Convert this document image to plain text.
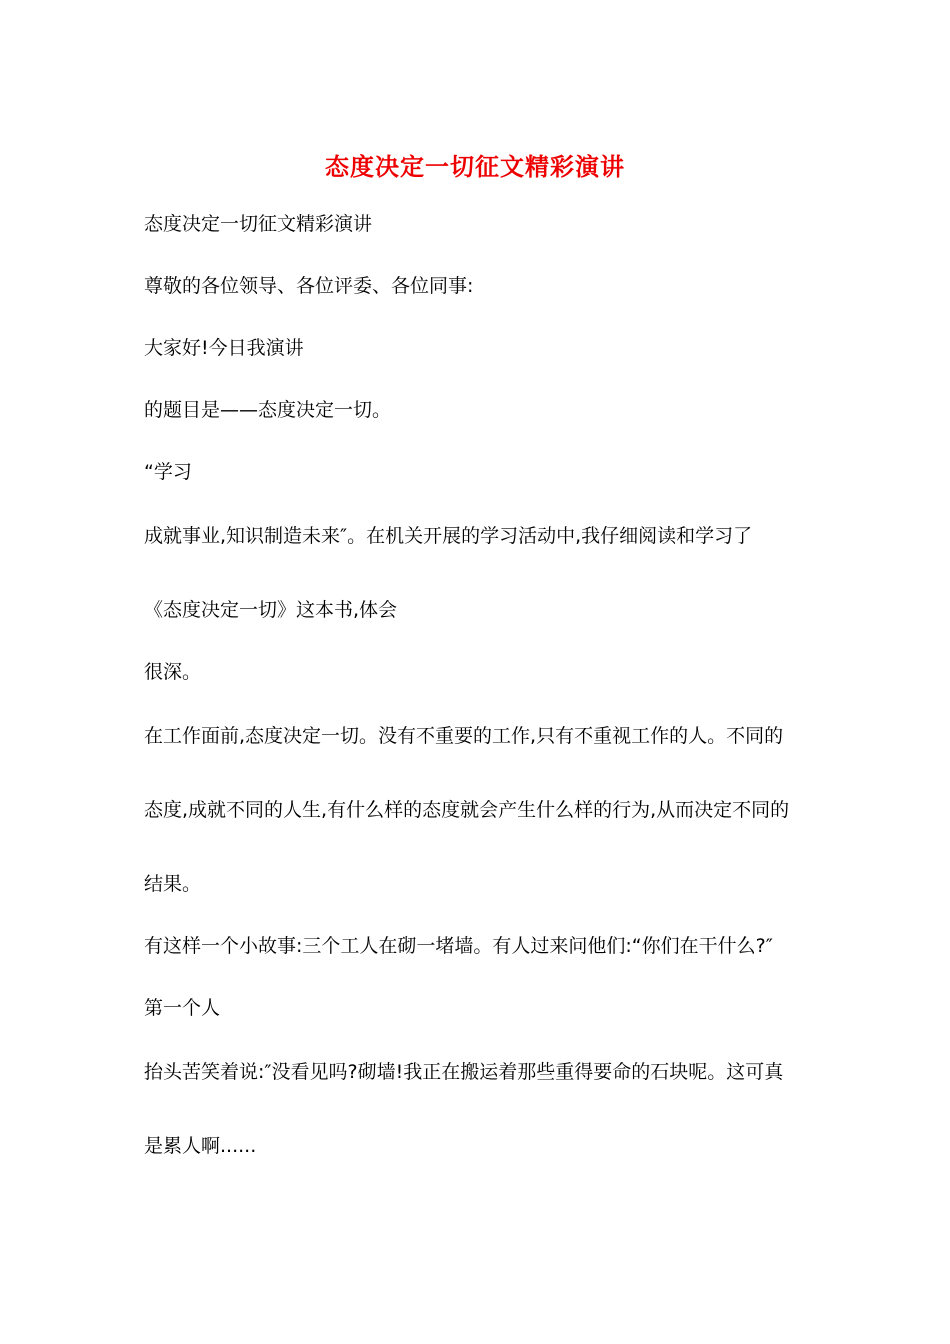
态度决定一切征文精彩演讲
态度决定一切征文精彩演讲
尊敬的各位领导、各位评委、各位同事:
大家好!今日我演讲
的题目是——态度决定一切。
“学习
成就事业,知识制造未来″。在机关开展的学习活动中,我仔细阅读和学习了
《态度决定一切》这本书,体会
很深。
在工作面前,态度决定一切。没有不重要的工作,只有不重视工作的人。不同的
态度,成就不同的人生,有什么样的态度就会产生什么样的行为,从而决定不同的
结果。
有这样一个小故事:三个工人在砌一堵墙。有人过来问他们:“你们在干什么?″
第一个人
抬头苦笑着说:″没看见吗?砌墙!我正在搬运着那些重得要命的石块呢。这可真
是累人啊......
